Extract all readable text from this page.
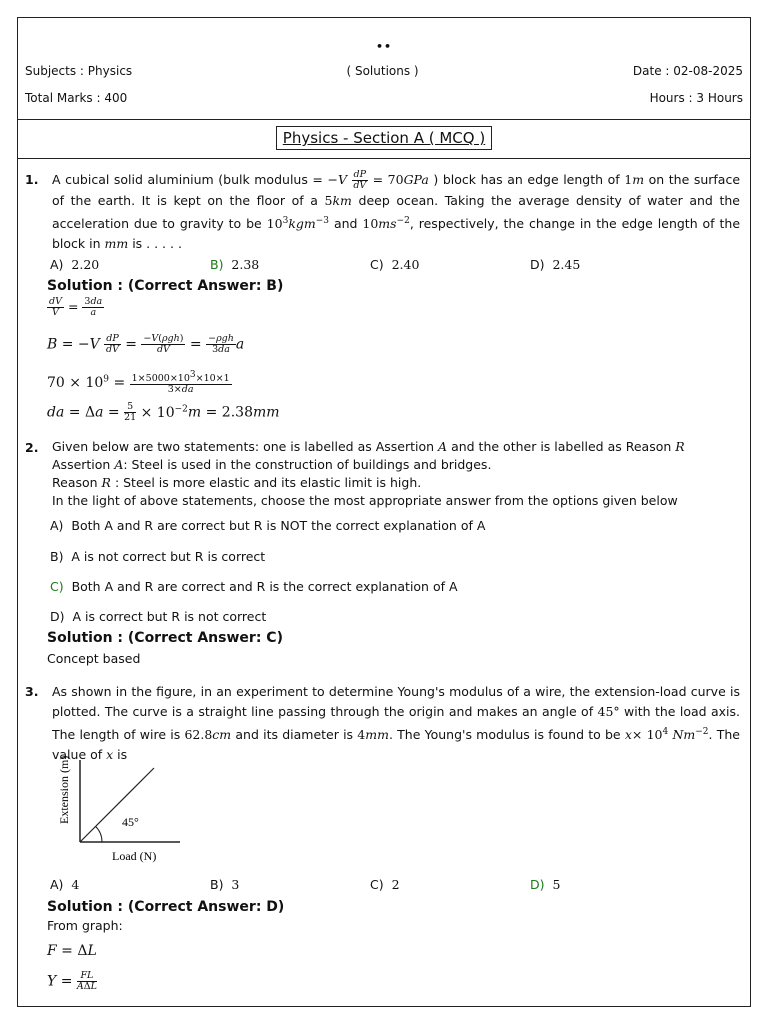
••
Subjects : Physics	( Solutions )	Date : 02-08-2025
Total Marks : 400	Hours : 3 Hours
Physics - Section A ( MCQ )
1. A cubical solid aluminium (bulk modulus = $-V \frac{dP}{dV} = 70GPa$ ) block has an edge length of 1m on the surface of the earth. It is kept on the floor of a 5km deep ocean. Taking the average density of water and the acceleration due to gravity to be $10^3kgm^{-3}$ and $10ms^{-2}$, respectively, the change in the edge length of the block in mm is . . . . .
A) 2.20	B) 2.38	C) 2.40	D) 2.45
Solution : (Correct Answer: B)
$\frac{dV}{V} = \frac{3da}{a}$
$B = -V \frac{dP}{dV} = \frac{\text{−V(ρgh)}}{dV} = \frac{\text{−ρgh}}{3da}$ a
$70 \times 10^9 = \frac{1\times 5000\times 10^3\times 10\times 1}{3\times da}$
da = $\Delta a = \frac{5}{21} \times 10^{-2}m = 2.38mm$
2. Given below are two statements: one is labelled as Assertion A and the other is labelled as Reason R
Assertion A: Steel is used in the construction of buildings and bridges.
Reason R : Steel is more elastic and its elastic limit is high.
In the light of above statements, choose the most appropriate answer from the options given below
A) Both A and R are correct but R is NOT the correct explanation of A
B) A is not correct but R is correct
C) Both A and R are correct and R is the correct explanation of A
D) A is correct but R is not correct
Solution : (Correct Answer: C)
Concept based
3. As shown in the figure, in an experiment to determine Young's modulus of a wire, the extension-load curve is plotted. The curve is a straight line passing through the origin and makes an angle of 45° with the load axis. The length of wire is 62.8cm and its diameter is 4mm. The Young's modulus is found to be $x\times 10^4$ $Nm^{-2}$. The value of x is
45°
Extension (m)
Load (N)
A) 4	B) 3	C) 2	D) 5
Solution : (Correct Answer: D)
From graph:
F = ΔL
$Y = \frac{FL}{\text{AΔL}}$
